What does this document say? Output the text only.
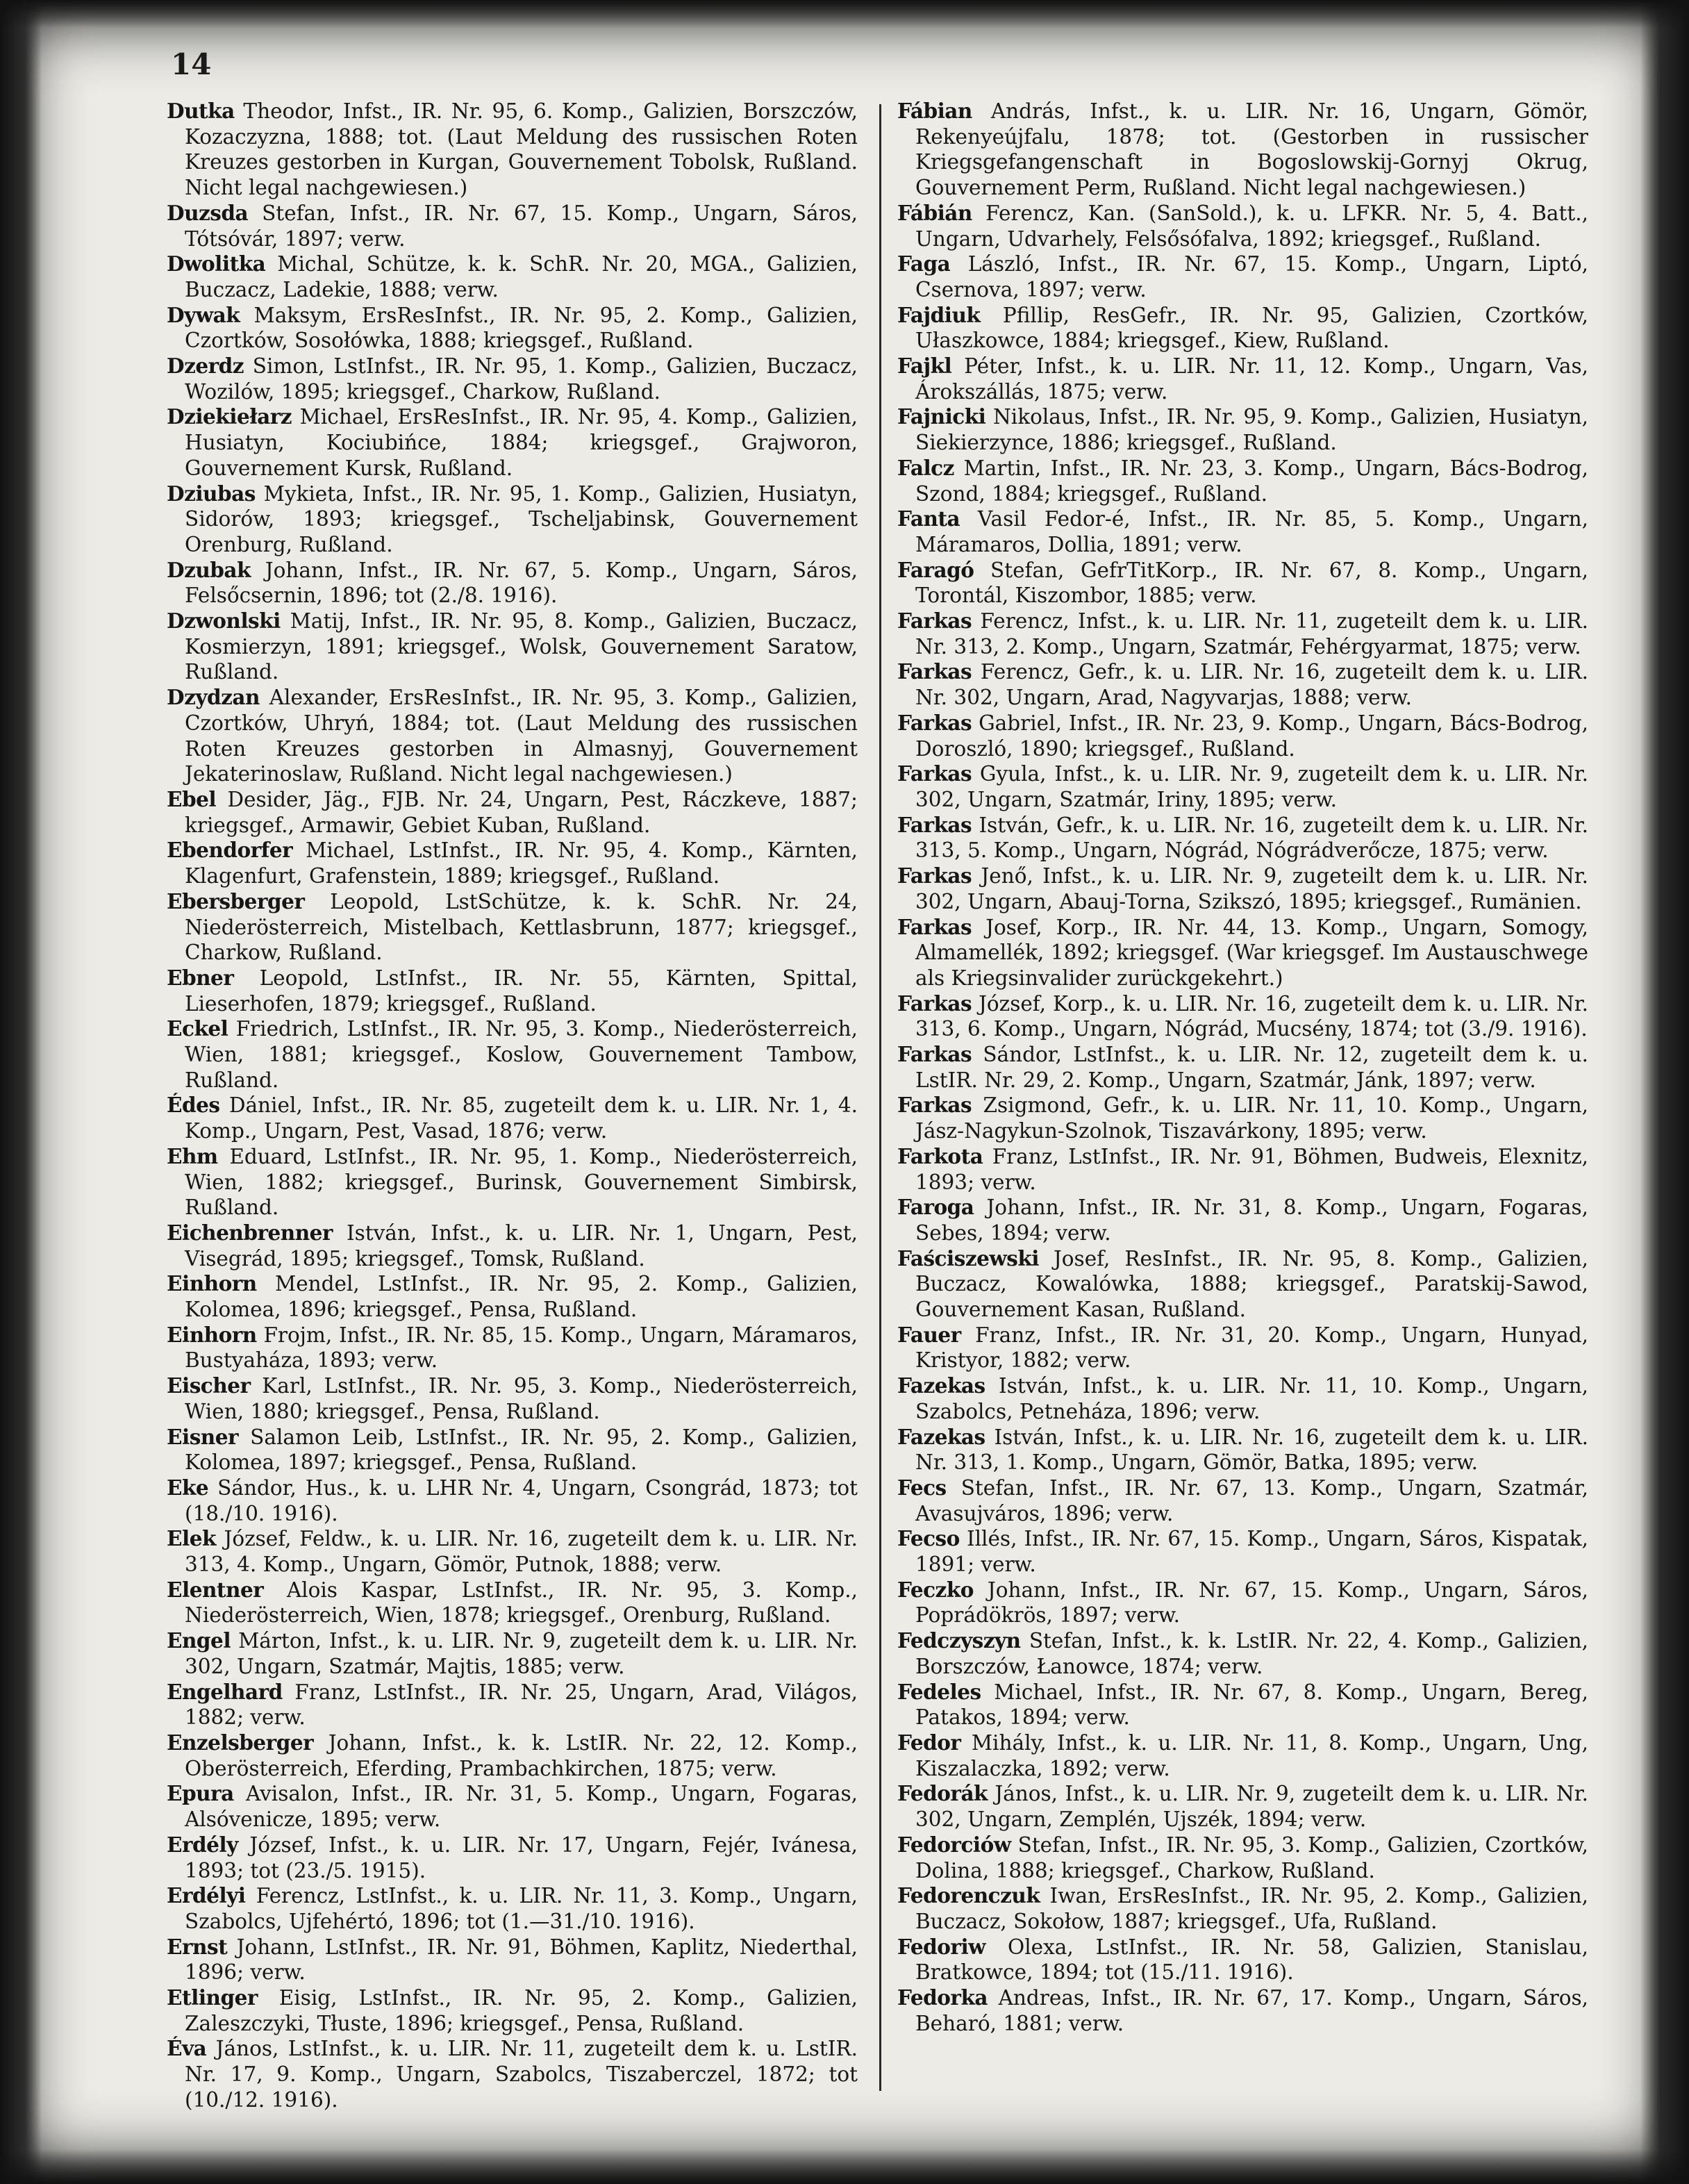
14

Dutka Theodor, Infst., IR. Nr. 95, 6. Komp., Galizien, Borszczów, Kozaczyzna, 1888; tot. (Laut Meldung des russischen Roten Kreuzes gestorben in Kurgan, Gouvernement Tobolsk, Rußland. Nicht legal nachgewiesen.)

Duzsda Stefan, Infst., IR. Nr. 67, 15. Komp., Ungarn, Sáros, Tótsóvár, 1897; verw.

Dwolitka Michal, Schütze, k. k. SchR. Nr. 20, MGA., Galizien, Buczacz, Ladekie, 1888; verw.

Dywak Maksym, ErsResInfst., IR. Nr. 95, 2. Komp., Galizien, Czortków, Sosołówka, 1888; kriegsgef., Rußland.

Dzerdz Simon, LstInfst., IR. Nr. 95, 1. Komp., Galizien, Buczacz, Wozilów, 1895; kriegsgef., Charkow, Rußland.

Dziekiełarz Michael, ErsResInfst., IR. Nr. 95, 4. Komp., Galizien, Husiatyn, Kociubińce, 1884; kriegsgef., Grajworon, Gouvernement Kursk, Rußland.

Dziubas Mykieta, Infst., IR. Nr. 95, 1. Komp., Galizien, Husiatyn, Sidorów, 1893; kriegsgef., Tscheljabinsk, Gouvernement Orenburg, Rußland.

Dzubak Johann, Infst., IR. Nr. 67, 5. Komp., Ungarn, Sáros, Felsőcsernin, 1896; tot (2./8. 1916).

Dzwonlski Matij, Infst., IR. Nr. 95, 8. Komp., Galizien, Buczacz, Kosmierzyn, 1891; kriegsgef., Wolsk, Gouvernement Saratow, Rußland.

Dzydzan Alexander, ErsResInfst., IR. Nr. 95, 3. Komp., Galizien, Czortków, Uhryń, 1884; tot. (Laut Meldung des russischen Roten Kreuzes gestorben in Almasnyj, Gouvernement Jekaterinoslaw, Rußland. Nicht legal nachgewiesen.)

Ebel Desider, Jäg., FJB. Nr. 24, Ungarn, Pest, Ráczkeve, 1887; kriegsgef., Armawir, Gebiet Kuban, Rußland.

Ebendorfer Michael, LstInfst., IR. Nr. 95, 4. Komp., Kärnten, Klagenfurt, Grafenstein, 1889; kriegsgef., Rußland.

Ebersberger Leopold, LstSchütze, k. k. SchR. Nr. 24, Niederösterreich, Mistelbach, Kettlasbrunn, 1877; kriegsgef., Charkow, Rußland.

Ebner Leopold, LstInfst., IR. Nr. 55, Kärnten, Spittal, Lieserhofen, 1879; kriegsgef., Rußland.

Eckel Friedrich, LstInfst., IR. Nr. 95, 3. Komp., Niederösterreich, Wien, 1881; kriegsgef., Koslow, Gouvernement Tambow, Rußland.

Édes Dániel, Infst., IR. Nr. 85, zugeteilt dem k. u. LIR. Nr. 1, 4. Komp., Ungarn, Pest, Vasad, 1876; verw.

Ehm Eduard, LstInfst., IR. Nr. 95, 1. Komp., Niederösterreich, Wien, 1882; kriegsgef., Burinsk, Gouvernement Simbirsk, Rußland.

Eichenbrenner István, Infst., k. u. LIR. Nr. 1, Ungarn, Pest, Visegrád, 1895; kriegsgef., Tomsk, Rußland.

Einhorn Mendel, LstInfst., IR. Nr. 95, 2. Komp., Galizien, Kolomea, 1896; kriegsgef., Pensa, Rußland.

Einhorn Frojm, Infst., IR. Nr. 85, 15. Komp., Ungarn, Máramaros, Bustyaháza, 1893; verw.

Eischer Karl, LstInfst., IR. Nr. 95, 3. Komp., Niederösterreich, Wien, 1880; kriegsgef., Pensa, Rußland.

Eisner Salamon Leib, LstInfst., IR. Nr. 95, 2. Komp., Galizien, Kolomea, 1897; kriegsgef., Pensa, Rußland.

Eke Sándor, Hus., k. u. LHR Nr. 4, Ungarn, Csongrád, 1873; tot (18./10. 1916).

Elek József, Feldw., k. u. LIR. Nr. 16, zugeteilt dem k. u. LIR. Nr. 313, 4. Komp., Ungarn, Gömör, Putnok, 1888; verw.

Elentner Alois Kaspar, LstInfst., IR. Nr. 95, 3. Komp., Niederösterreich, Wien, 1878; kriegsgef., Orenburg, Rußland.

Engel Márton, Infst., k. u. LIR. Nr. 9, zugeteilt dem k. u. LIR. Nr. 302, Ungarn, Szatmár, Majtis, 1885; verw.

Engelhard Franz, LstInfst., IR. Nr. 25, Ungarn, Arad, Világos, 1882; verw.

Enzelsberger Johann, Infst., k. k. LstIR. Nr. 22, 12. Komp., Oberösterreich, Eferding, Prambachkirchen, 1875; verw.

Epura Avisalon, Infst., IR. Nr. 31, 5. Komp., Ungarn, Fogaras, Alsóvenicze, 1895; verw.

Erdély József, Infst., k. u. LIR. Nr. 17, Ungarn, Fejér, Ivánesa, 1893; tot (23./5. 1915).

Erdélyi Ferencz, LstInfst., k. u. LIR. Nr. 11, 3. Komp., Ungarn, Szabolcs, Ujfehértó, 1896; tot (1.—31./10. 1916).

Ernst Johann, LstInfst., IR. Nr. 91, Böhmen, Kaplitz, Niederthal, 1896; verw.

Etlinger Eisig, LstInfst., IR. Nr. 95, 2. Komp., Galizien, Zaleszczyki, Tłuste, 1896; kriegsgef., Pensa, Rußland.

Éva János, LstInfst., k. u. LIR. Nr. 11, zugeteilt dem k. u. LstIR. Nr. 17, 9. Komp., Ungarn, Szabolcs, Tiszaberczel, 1872; tot (10./12. 1916).

Fábian András, Infst., k. u. LIR. Nr. 16, Ungarn, Gömör, Rekenyeújfalu, 1878; tot. (Gestorben in russischer Kriegsgefangenschaft in Bogoslowskij-Gornyj Okrug, Gouvernement Perm, Rußland. Nicht legal nachgewiesen.)

Fábián Ferencz, Kan. (SanSold.), k. u. LFKR. Nr. 5, 4. Batt., Ungarn, Udvarhely, Felsősófalva, 1892; kriegsgef., Rußland.

Faga László, Infst., IR. Nr. 67, 15. Komp., Ungarn, Liptó, Csernova, 1897; verw.

Fajdiuk Pfillip, ResGefr., IR. Nr. 95, Galizien, Czortków, Ułaszkowce, 1884; kriegsgef., Kiew, Rußland.

Fajkl Péter, Infst., k. u. LIR. Nr. 11, 12. Komp., Ungarn, Vas, Árokszállás, 1875; verw.

Fajnicki Nikolaus, Infst., IR. Nr. 95, 9. Komp., Galizien, Husiatyn, Siekierzynce, 1886; kriegsgef., Rußland.

Falcz Martin, Infst., IR. Nr. 23, 3. Komp., Ungarn, Bács-Bodrog, Szond, 1884; kriegsgef., Rußland.

Fanta Vasil Fedor-é, Infst., IR. Nr. 85, 5. Komp., Ungarn, Máramaros, Dollia, 1891; verw.

Faragó Stefan, GefrTitKorp., IR. Nr. 67, 8. Komp., Ungarn, Torontál, Kiszombor, 1885; verw.

Farkas Ferencz, Infst., k. u. LIR. Nr. 11, zugeteilt dem k. u. LIR. Nr. 313, 2. Komp., Ungarn, Szatmár, Fehérgyarmat, 1875; verw.

Farkas Ferencz, Gefr., k. u. LIR. Nr. 16, zugeteilt dem k. u. LIR. Nr. 302, Ungarn, Arad, Nagyvarjas, 1888; verw.

Farkas Gabriel, Infst., IR. Nr. 23, 9. Komp., Ungarn, Bács-Bodrog, Doroszló, 1890; kriegsgef., Rußland.

Farkas Gyula, Infst., k. u. LIR. Nr. 9, zugeteilt dem k. u. LIR. Nr. 302, Ungarn, Szatmár, Iriny, 1895; verw.

Farkas István, Gefr., k. u. LIR. Nr. 16, zugeteilt dem k. u. LIR. Nr. 313, 5. Komp., Ungarn, Nógrád, Nógrádverőcze, 1875; verw.

Farkas Jenő, Infst., k. u. LIR. Nr. 9, zugeteilt dem k. u. LIR. Nr. 302, Ungarn, Abauj-Torna, Szikszó, 1895; kriegsgef., Rumänien.

Farkas Josef, Korp., IR. Nr. 44, 13. Komp., Ungarn, Somogy, Almamellék, 1892; kriegsgef. (War kriegsgef. Im Austauschwege als Kriegsinvalider zurückgekehrt.)

Farkas József, Korp., k. u. LIR. Nr. 16, zugeteilt dem k. u. LIR. Nr. 313, 6. Komp., Ungarn, Nógrád, Mucsény, 1874; tot (3./9. 1916).

Farkas Sándor, LstInfst., k. u. LIR. Nr. 12, zugeteilt dem k. u. LstIR. Nr. 29, 2. Komp., Ungarn, Szatmár, Jánk, 1897; verw.

Farkas Zsigmond, Gefr., k. u. LIR. Nr. 11, 10. Komp., Ungarn, Jász-Nagykun-Szolnok, Tiszavárkony, 1895; verw.

Farkota Franz, LstInfst., IR. Nr. 91, Böhmen, Budweis, Elexnitz, 1893; verw.

Faroga Johann, Infst., IR. Nr. 31, 8. Komp., Ungarn, Fogaras, Sebes, 1894; verw.

Faściszewski Josef, ResInfst., IR. Nr. 95, 8. Komp., Galizien, Buczacz, Kowalówka, 1888; kriegsgef., Paratskij-Sawod, Gouvernement Kasan, Rußland.

Fauer Franz, Infst., IR. Nr. 31, 20. Komp., Ungarn, Hunyad, Kristyor, 1882; verw.

Fazekas István, Infst., k. u. LIR. Nr. 11, 10. Komp., Ungarn, Szabolcs, Petneháza, 1896; verw.

Fazekas István, Infst., k. u. LIR. Nr. 16, zugeteilt dem k. u. LIR. Nr. 313, 1. Komp., Ungarn, Gömör, Batka, 1895; verw.

Fecs Stefan, Infst., IR. Nr. 67, 13. Komp., Ungarn, Szatmár, Avasujváros, 1896; verw.

Fecso Illés, Infst., IR. Nr. 67, 15. Komp., Ungarn, Sáros, Kispatak, 1891; verw.

Feczko Johann, Infst., IR. Nr. 67, 15. Komp., Ungarn, Sáros, Poprádökrös, 1897; verw.

Fedczyszyn Stefan, Infst., k. k. LstIR. Nr. 22, 4. Komp., Galizien, Borszczów, Łanowce, 1874; verw.

Fedeles Michael, Infst., IR. Nr. 67, 8. Komp., Ungarn, Bereg, Patakos, 1894; verw.

Fedor Mihály, Infst., k. u. LIR. Nr. 11, 8. Komp., Ungarn, Ung, Kiszalaczka, 1892; verw.

Fedorák János, Infst., k. u. LIR. Nr. 9, zugeteilt dem k. u. LIR. Nr. 302, Ungarn, Zemplén, Ujszék, 1894; verw.

Fedorciów Stefan, Infst., IR. Nr. 95, 3. Komp., Galizien, Czortków, Dolina, 1888; kriegsgef., Charkow, Rußland.

Fedorenczuk Iwan, ErsResInfst., IR. Nr. 95, 2. Komp., Galizien, Buczacz, Sokołow, 1887; kriegsgef., Ufa, Rußland.

Fedoriw Olexa, LstInfst., IR. Nr. 58, Galizien, Stanislau, Bratkowce, 1894; tot (15./11. 1916).

Fedorka Andreas, Infst., IR. Nr. 67, 17. Komp., Ungarn, Sáros, Beharó, 1881; verw.
